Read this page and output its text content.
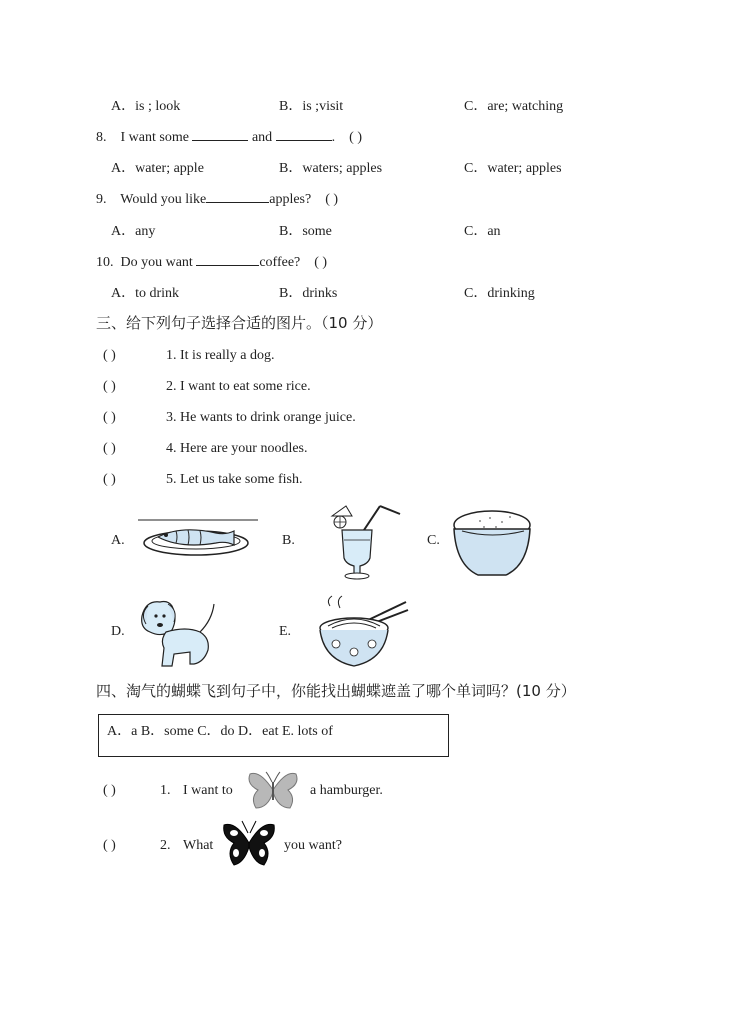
A．is ; look	B．is ;visit	C．are; watching
8. I want some	and	. ( )
A．water; apple	B．waters; apples	C．water; apples
9. Would you like	apples? ( )
A．any	B．some	C．an
10. Do you want	coffee? ( )
A．to drink	B．drinks	C．drinking
三、给下列句子选择合适的图片。（10 分）
( )	1. It is really a dog.
( )	2. I want to eat some rice.
( )	3. He wants to drink orange juice.
( )	4. Here are your noodles.
( )	5. Let us take some fish.
A.	B.	C.
D.	E.
四、淘气的蝴蝶飞到句子中，你能找出蝴蝶遮盖了哪个单词吗？(10 分）
A．a B．some C．do D．eat E. lots of
( )	1. I want to	a hamburger.
( )	2. What	you want?
